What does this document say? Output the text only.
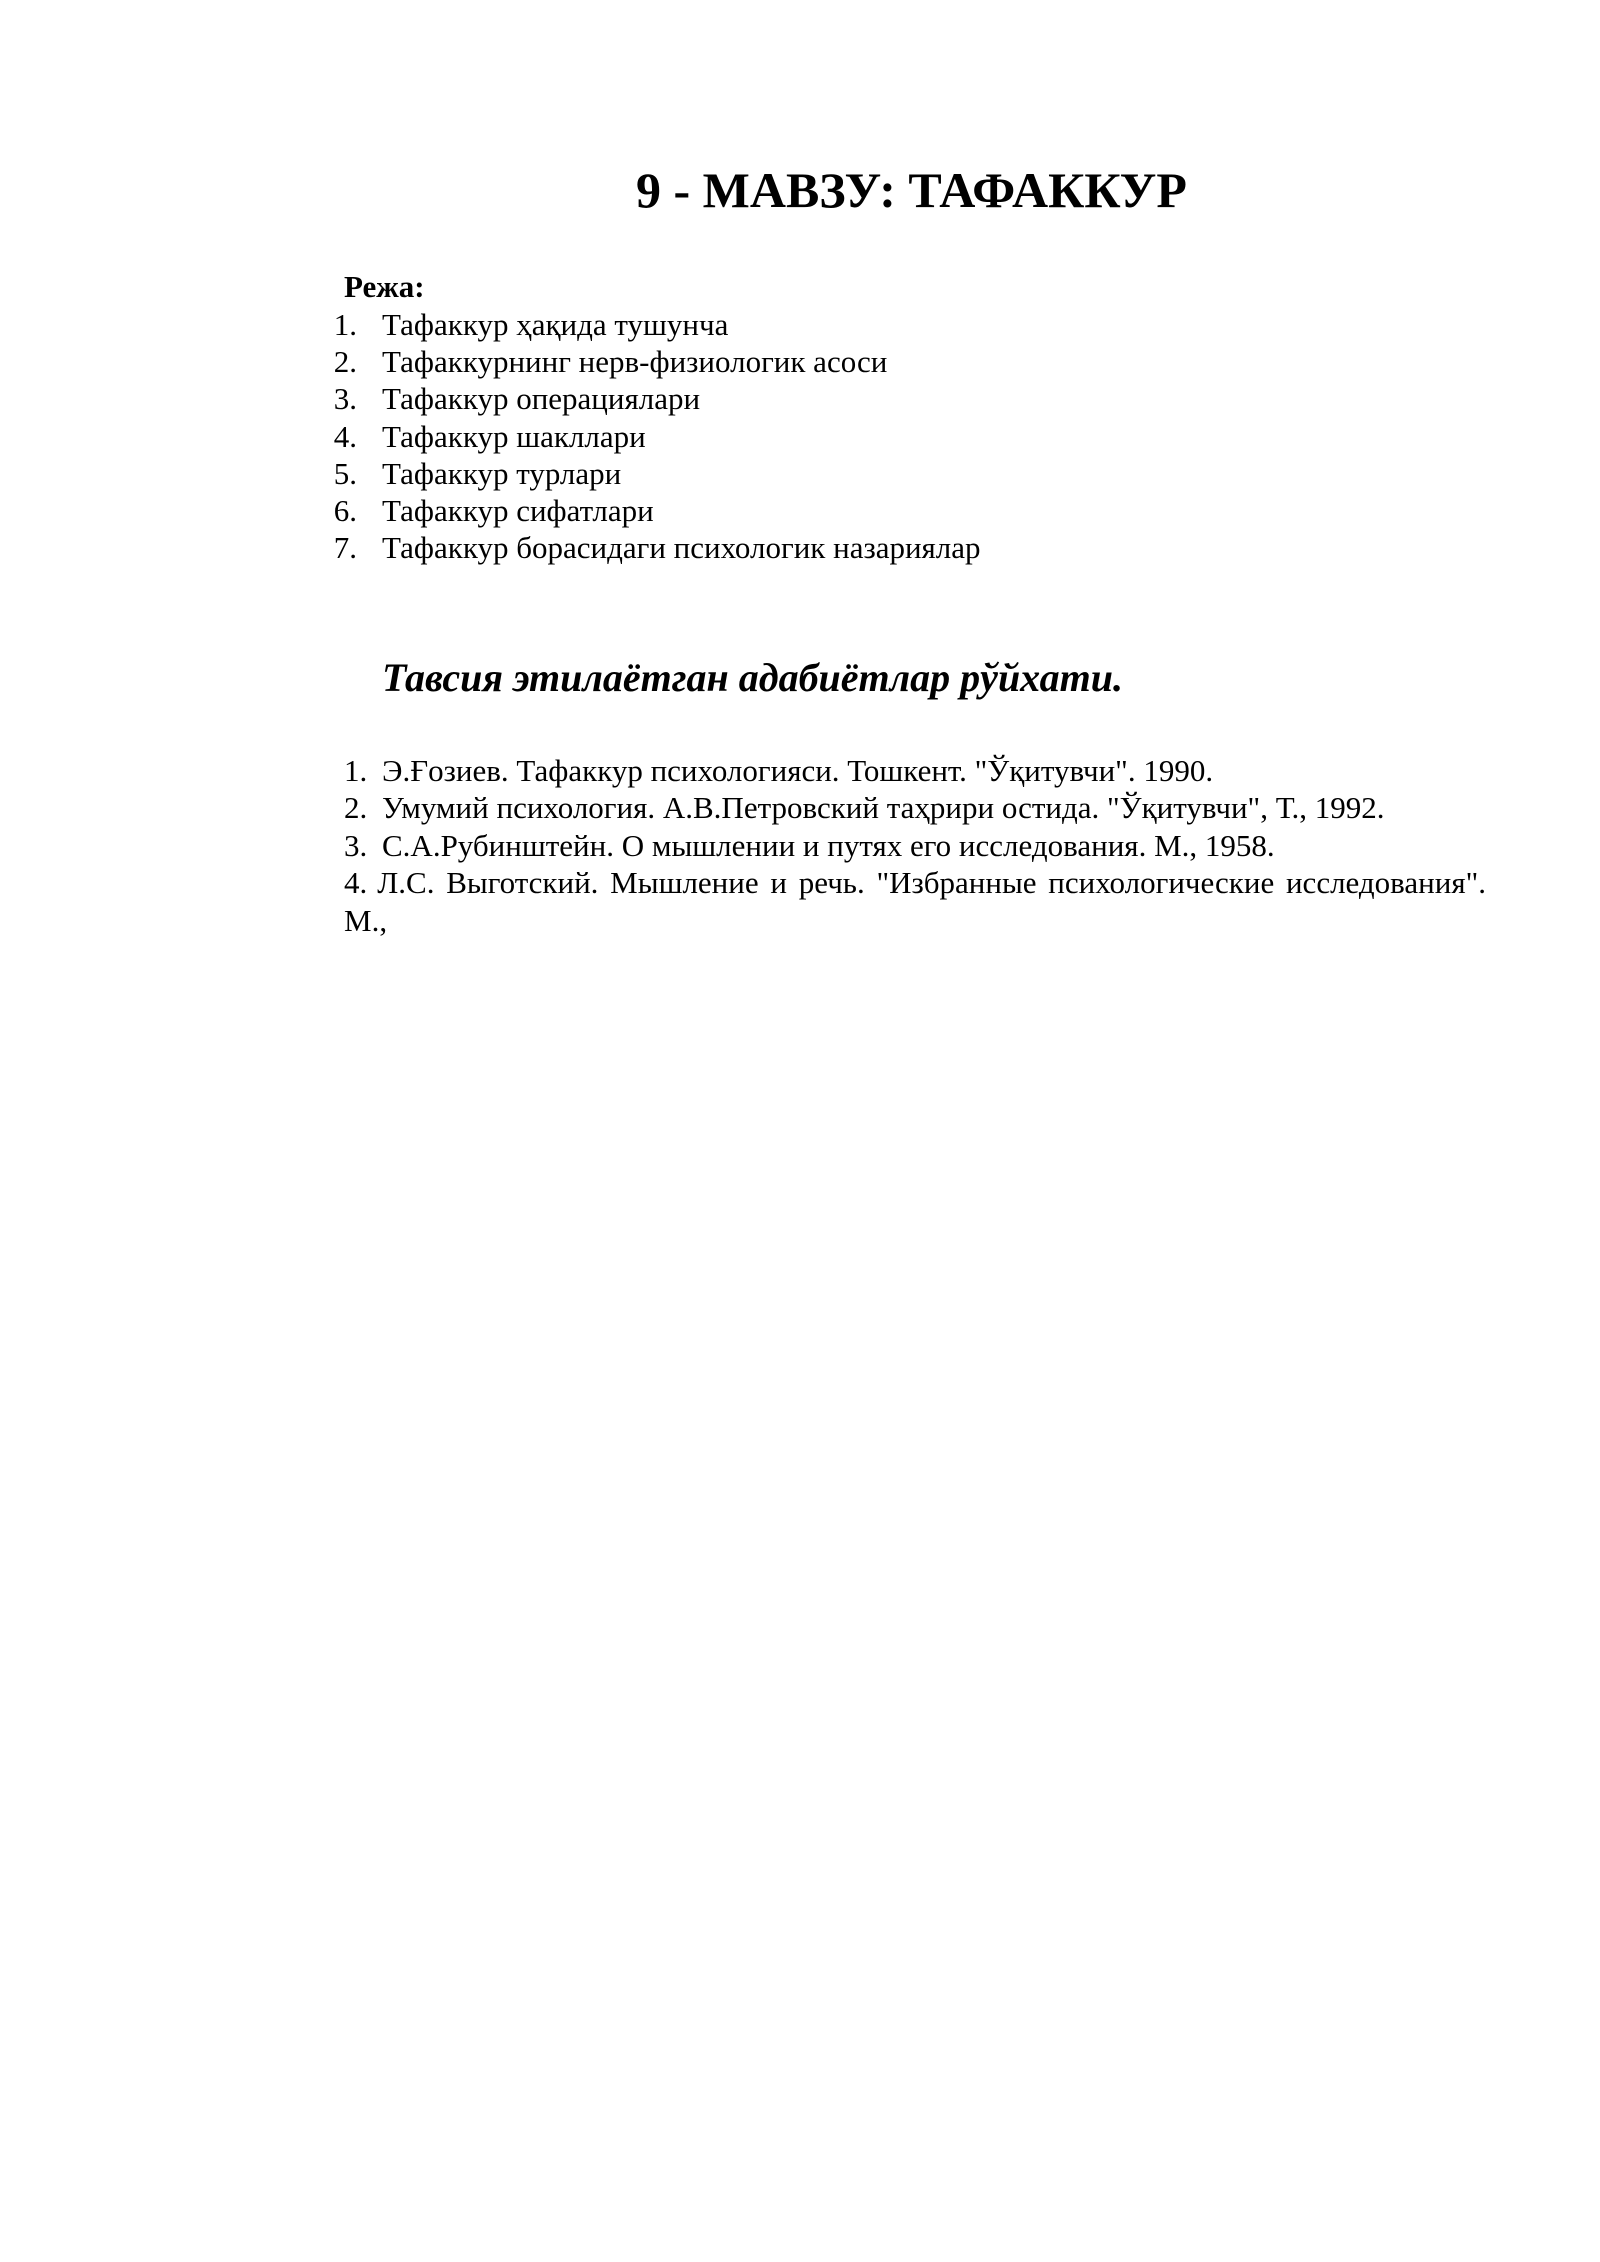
9 - МАВЗУ: ТАФАККУР
Режа:
1. Тафаккур ҳақида тушунча
2. Тафаккурнинг нерв-физиологик асоси
3. Тафаккур операциялари
4. Тафаккур шакллари
5. Тафаккур турлари
6. Тафаккур сифатлари
7. Тафаккур борасидаги психологик назариялар
Тавсия этилаётган адабиётлар рўйхати.
1. Э.Ғозиев. Тафаккур психологияси. Тошкент. "Ўқитувчи". 1990.
2. Умумий психология. А.В.Петровский таҳрири остида. "Ўқитувчи", Т., 1992.
3. С.А.Рубинштейн. О мышлении и путях его исследования. М., 1958.
4. Л.С. Выготский. Мышление и речь. "Избранные психологические исследования". М.,
